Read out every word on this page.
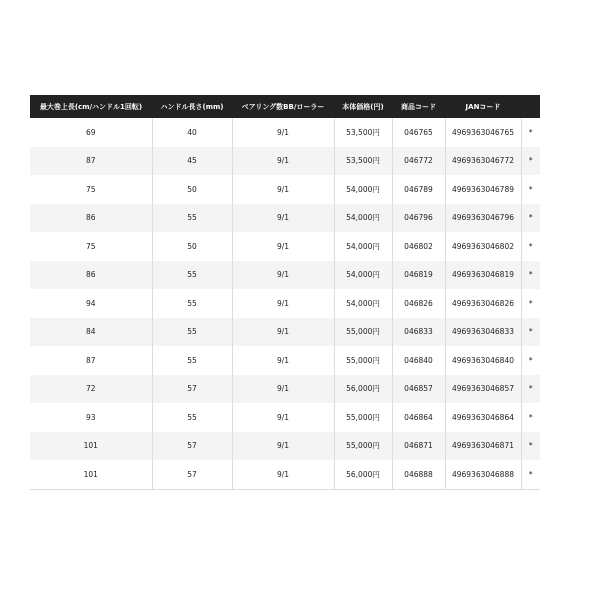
最大巻上長(cm/ハンドル1回転)	ハンドル長さ(mm)	ベアリング数BB/ローラー	本体価格(円)	商品コード	JANコード	
69	40	9/1	53,500円	046765	4969363046765	*
87	45	9/1	53,500円	046772	4969363046772	*
75	50	9/1	54,000円	046789	4969363046789	*
86	55	9/1	54,000円	046796	4969363046796	*
75	50	9/1	54,000円	046802	4969363046802	*
86	55	9/1	54,000円	046819	4969363046819	*
94	55	9/1	54,000円	046826	4969363046826	*
84	55	9/1	55,000円	046833	4969363046833	*
87	55	9/1	55,000円	046840	4969363046840	*
72	57	9/1	56,000円	046857	4969363046857	*
93	55	9/1	55,000円	046864	4969363046864	*
101	57	9/1	55,000円	046871	4969363046871	*
101	57	9/1	56,000円	046888	4969363046888	*
